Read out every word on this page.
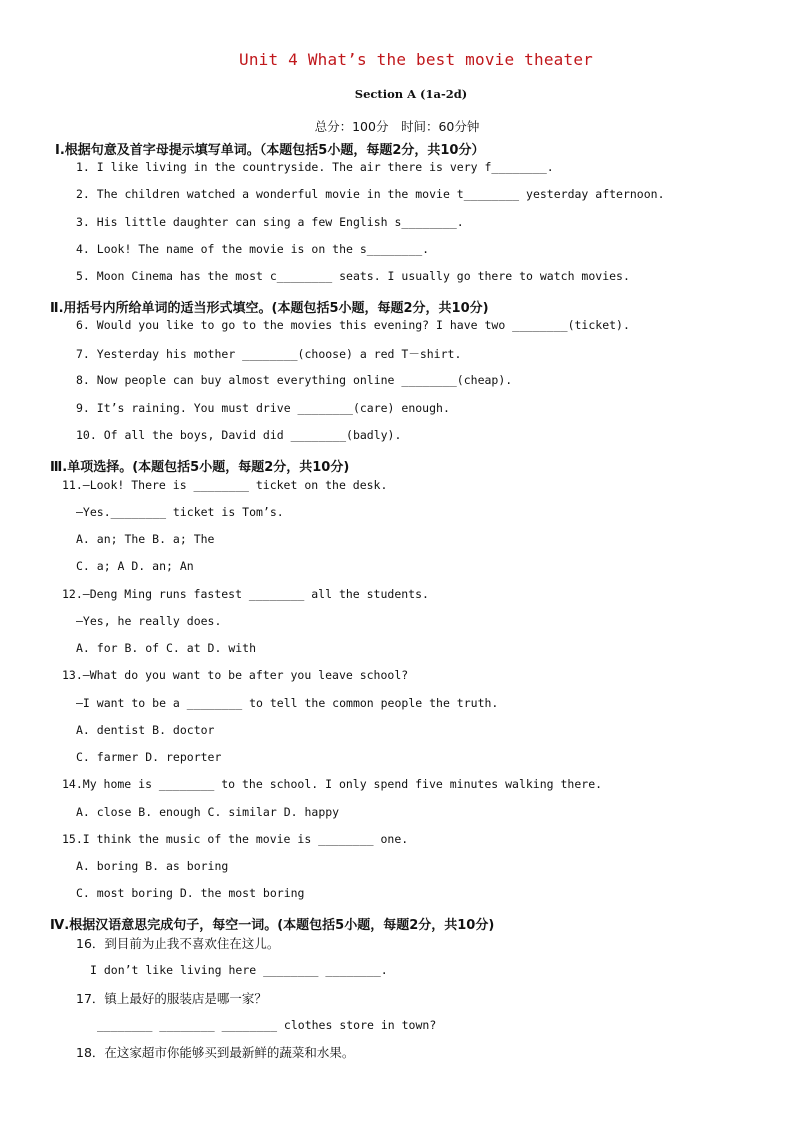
Unit 4 What’s the best movie theater
Section A (1a-2d)
总分：100分　时间：60分钟
Ⅰ.根据句意及首字母提示填写单词。（本题包括5小题，每题2分，共10分）
1. I like living in the countryside. The air there is very f________.
2. The children watched a wonderful movie in the movie t________ yesterday afternoon.
3. His little daughter can sing a few English s________.
4. Look! The name of the movie is on the s________.
5. Moon Cinema has the most c________ seats. I usually go there to watch movies.
Ⅱ.用括号内所给单词的适当形式填空。(本题包括5小题，每题2分，共10分)
6. Would you like to go to the movies this evening? I have two ________(ticket).
7. Yesterday his mother ________(choose) a red T－shirt.
8. Now people can buy almost everything online ________(cheap).
9. It’s raining. You must drive ________(care) enough.
10. Of all the boys, David did ________(badly).
Ⅲ.单项选择。(本题包括5小题，每题2分，共10分)
11.—Look! There is ________ ticket on the desk.
—Yes.________ ticket is Tom’s.
A. an; The B. a; The
C. a; A D. an; An
12.—Deng Ming runs fastest ________ all the students.
—Yes, he really does.
A. for B. of C. at D. with
13.—What do you want to be after you leave school?
—I want to be a ________ to tell the common people the truth.
A. dentist B. doctor
C. farmer D. reporter
14.My home is ________ to the school. I only spend five minutes walking there.
A. close B. enough C. similar D. happy
15.I think the music of the movie is ________ one.
A. boring B. as boring
C. most boring D. the most boring
Ⅳ.根据汉语意思完成句子，每空一词。(本题包括5小题，每题2分，共10分)
16．到目前为止我不喜欢住在这儿。
I don’t like living here ________ ________.
17．镇上最好的服装店是哪一家？
________ ________ ________ clothes store in town?
18．在这家超市你能够买到最新鲜的蔬菜和水果。
